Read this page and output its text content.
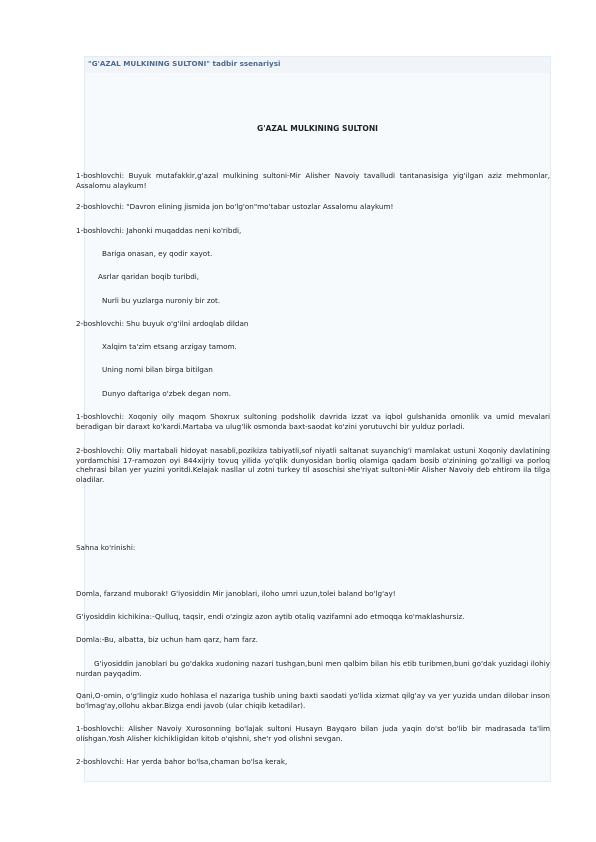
"G'AZAL MULKINING SULTONI" tadbir ssenariysi
G'AZAL MULKINING SULTONI

1-boshlovchi: Buyuk mutafakkir,g'azal mulkining sultoni-Mir Alisher Navoiy tavalludi tantanasisiga yig'ilgan aziz mehmonlar, Assalomu alaykum!

2-boshlovchi: "Davron elining jismida jon bo'lg'on"mo'tabar ustozlar Assalomu alaykum!

1-boshlovchi: Jahonki muqaddas neni ko'ribdi,

Bariga onasan, ey qodir xayot.

Asrlar qaridan boqib turibdi,

Nurli bu yuzlarga nuroniy bir zot.

2-boshlovchi: Shu buyuk o'g'ilni ardoqlab dildan

Xalqim ta'zim etsang arzigay tamom.

Uning nomi bilan birga bitilgan

Dunyo daftariga o'zbek degan nom.

1-boshlovchi: Xoqoniy oily maqom Shoxrux sultoning podsholik davrida izzat va iqbol gulshanida omonlik va umid mevalari beradigan bir daraxt ko'kardi.Martaba va ulug'lik osmonda baxt-saodat ko'zini yorutuvchi bir yulduz porladi.

2-boshlovchi: Oliy martabali hidoyat nasabli,pozikiza tabiyatli,sof niyatli saltanat suyanchig'i mamlakat ustuni Xoqoniy davlatining yordamchisi 17-ramozon oyi 844xijriy tovuq yilida yo'qlik dunyosidan borliq olamiga qadam bosib o'zinining go'zalligi va porloq chehrasi bilan yer yuzini yoritdi.Kelajak nasllar ul zotni turkey til asoschisi she'riyat sultoni-Mir Alisher Navoiy deb ehtirom ila tilga oladilar.

Sahna ko'rinishi:

Domla, farzand muborak! G'iyosiddin Mir janoblari, iloho umri uzun,tolei baland bo'lg'ay!

G'iyosiddin kichikina:-Qulluq, taqsir, endi o'zingiz azon aytib otaliq vazifamni ado etmoqqa ko'maklashursiz.

Domla:-Bu, albatta, biz uchun ham qarz, ham farz.

G'iyosiddin janoblari bu go'dakka xudoning nazari tushgan,buni men qalbim bilan his etib turibmen,buni go'dak yuzidagi ilohiy nurdan payqadim.

Qani,O-omin, o'g'lingiz xudo hohlasa el nazariga tushib uning baxti saodati yo'lida xizmat qilg'ay va yer yuzida undan dilobar inson bo'lmag'ay,ollohu akbar.Bizga endi javob (ular chiqib ketadilar).

1-boshlovchi: Alisher Navoiy Xurosonning bo'lajak sultoni Husayn Bayqaro bilan juda yaqin do'st bo'lib bir madrasada ta'lim olishgan.Yosh Alisher kichikligidan kitob o'qishni, she'r yod olishni sevgan.

2-boshlovchi: Har yerda bahor bo'lsa,chaman bo'lsa kerak,
